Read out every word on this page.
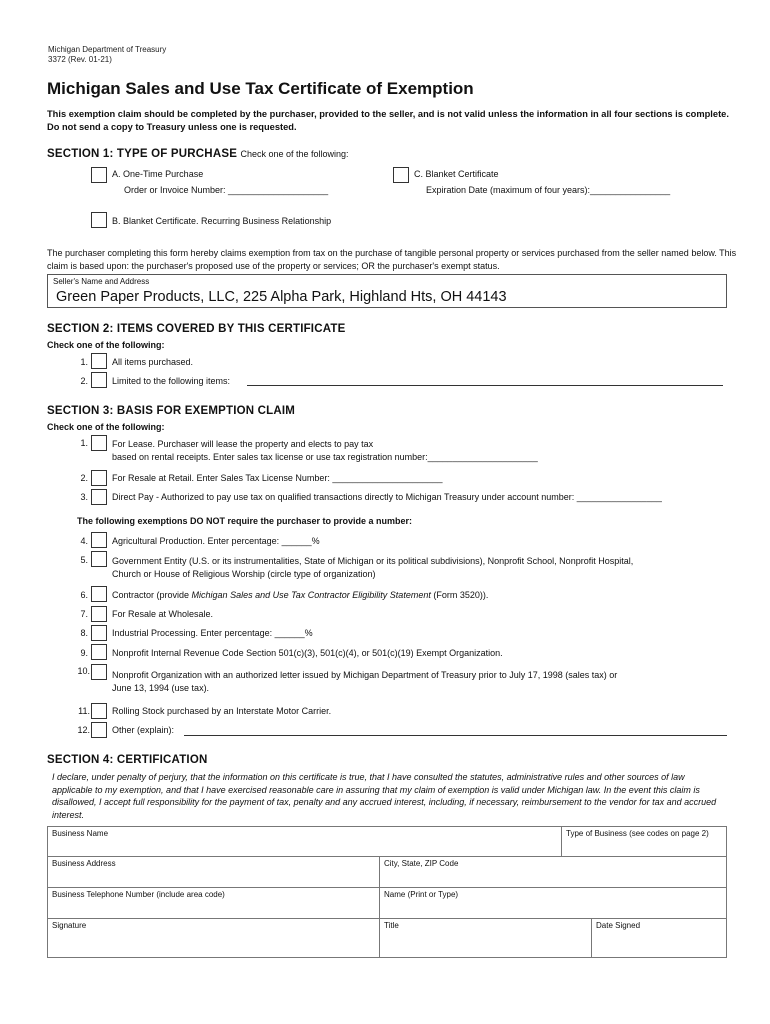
Michigan Department of Treasury
3372 (Rev. 01-21)
Michigan Sales and Use Tax Certificate of Exemption
This exemption claim should be completed by the purchaser, provided to the seller, and is not valid unless the information in all four sections is complete. Do not send a copy to Treasury unless one is requested.
SECTION 1: TYPE OF PURCHASE Check one of the following:
A. One-Time Purchase
Order or Invoice Number: ____________________
C. Blanket Certificate
Expiration Date (maximum of four years):________________
B. Blanket Certificate. Recurring Business Relationship
The purchaser completing this form hereby claims exemption from tax on the purchase of tangible personal property or services purchased from the seller named below. This claim is based upon: the purchaser's proposed use of the property or services; OR the purchaser's exempt status.
Seller's Name and Address
Green Paper Products, LLC, 225 Alpha Park, Highland Hts, OH 44143
SECTION 2: ITEMS COVERED BY THIS CERTIFICATE
Check one of the following:
1.	All items purchased.
2.	Limited to the following items:
SECTION 3: BASIS FOR EXEMPTION CLAIM
Check one of the following:
1.	For Lease. Purchaser will lease the property and elects to pay tax
based on rental receipts. Enter sales tax license or use tax registration number:______________________
2.	For Resale at Retail. Enter Sales Tax License Number: ______________________
3.	Direct Pay - Authorized to pay use tax on qualified transactions directly to Michigan Treasury under account number: _________________
The following exemptions DO NOT require the purchaser to provide a number:
4.	Agricultural Production. Enter percentage: ______%
5.	Government Entity (U.S. or its instrumentalities, State of Michigan or its political subdivisions), Nonprofit School, Nonprofit Hospital,
Church or House of Religious Worship (circle type of organization)
6.	Contractor (provide Michigan Sales and Use Tax Contractor Eligibility Statement (Form 3520)).
7.	For Resale at Wholesale.
8.	Industrial Processing. Enter percentage: ______%
9.	Nonprofit Internal Revenue Code Section 501(c)(3), 501(c)(4), or 501(c)(19) Exempt Organization.
10. Nonprofit Organization with an authorized letter issued by Michigan Department of Treasury prior to July 17, 1998 (sales tax) or
June 13, 1994 (use tax).
11. Rolling Stock purchased by an Interstate Motor Carrier.
12. Other (explain):
SECTION 4: CERTIFICATION
I declare, under penalty of perjury, that the information on this certificate is true, that I have consulted the statutes, administrative rules and other sources of law applicable to my exemption, and that I have exercised reasonable care in assuring that my claim of exemption is valid under Michigan law. In the event this claim is disallowed, I accept full responsibility for the payment of tax, penalty and any accrued interest, including, if necessary, reimbursement to the vendor for tax and accrued interest.
Business Name	Type of Business (see codes on page 2)
Business Address	City, State, ZIP Code
Business Telephone Number (include area code)	Name (Print or Type)
Signature	Title	Date Signed
